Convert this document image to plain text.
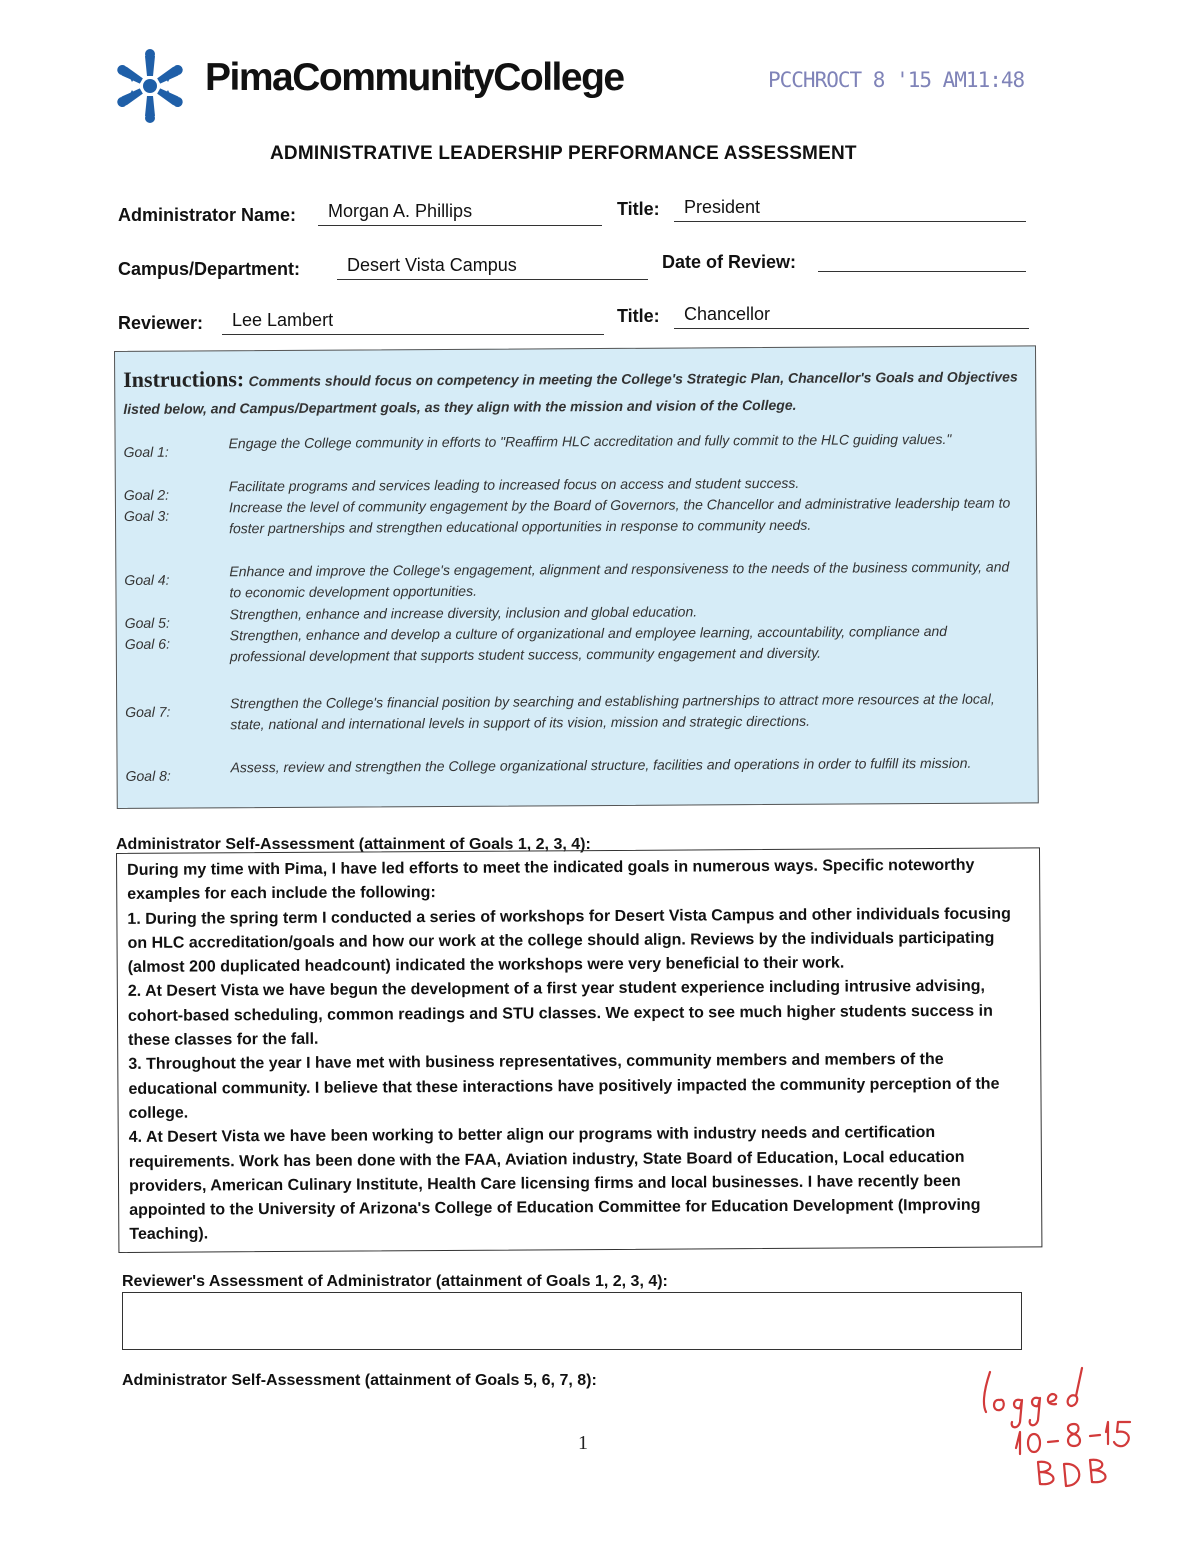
PimaCommunityCollege	PCCHROCT 8 '15 AM11:48
ADMINISTRATIVE LEADERSHIP PERFORMANCE ASSESSMENT
Administrator Name:	Morgan A. Phillips	Title:	President
Campus/Department:	Desert Vista Campus	Date of Review:
Reviewer:	Lee Lambert	Title:	Chancellor
Instructions: Comments should focus on competency in meeting the College's Strategic Plan, Chancellor's Goals and Objectives listed below, and Campus/Department goals, as they align with the mission and vision of the College.
Goal 1:
Engage the College community in efforts to "Reaffirm HLC accreditation and fully commit to the HLC guiding values."
Goal 2:
Facilitate programs and services leading to increased focus on access and student success.
Goal 3:
Increase the level of community engagement by the Board of Governors, the Chancellor and administrative leadership team to foster partnerships and strengthen educational opportunities in response to community needs.
Goal 4:
Enhance and improve the College's engagement, alignment and responsiveness to the needs of the business community, and to economic development opportunities.
Goal 5:
Strengthen, enhance and increase diversity, inclusion and global education.
Goal 6:
Strengthen, enhance and develop a culture of organizational and employee learning, accountability, compliance and professional development that supports student success, community engagement and diversity.
Goal 7:
Strengthen the College's financial position by searching and establishing partnerships to attract more resources at the local, state, national and international levels in support of its vision, mission and strategic directions.
Goal 8:
Assess, review and strengthen the College organizational structure, facilities and operations in order to fulfill its mission.
Administrator Self-Assessment (attainment of Goals 1, 2, 3, 4):

During my time with Pima, I have led efforts to meet the indicated goals in numerous ways. Specific noteworthy examples for each include the following:

1. During the spring term I conducted a series of workshops for Desert Vista Campus and other individuals focusing on HLC accreditation/goals and how our work at the college should align. Reviews by the individuals participating (almost 200 duplicated headcount) indicated the workshops were very beneficial to their work.

2. At Desert Vista we have begun the development of a first year student experience including intrusive advising, cohort-based scheduling, common readings and STU classes. We expect to see much higher students success in these classes for the fall.

3. Throughout the year I have met with business representatives, community members and members of the educational community. I believe that these interactions have positively impacted the community perception of the college.

4. At Desert Vista we have been working to better align our programs with industry needs and certification requirements. Work has been done with the FAA, Aviation industry, State Board of Education, Local education providers, American Culinary Institute, Health Care licensing firms and local businesses. I have recently been appointed to the University of Arizona's College of Education Committee for Education Development (Improving Teaching).

Reviewer's Assessment of Administrator (attainment of Goals 1, 2, 3, 4):
Administrator Self-Assessment (attainment of Goals 5, 6, 7, 8):
1
